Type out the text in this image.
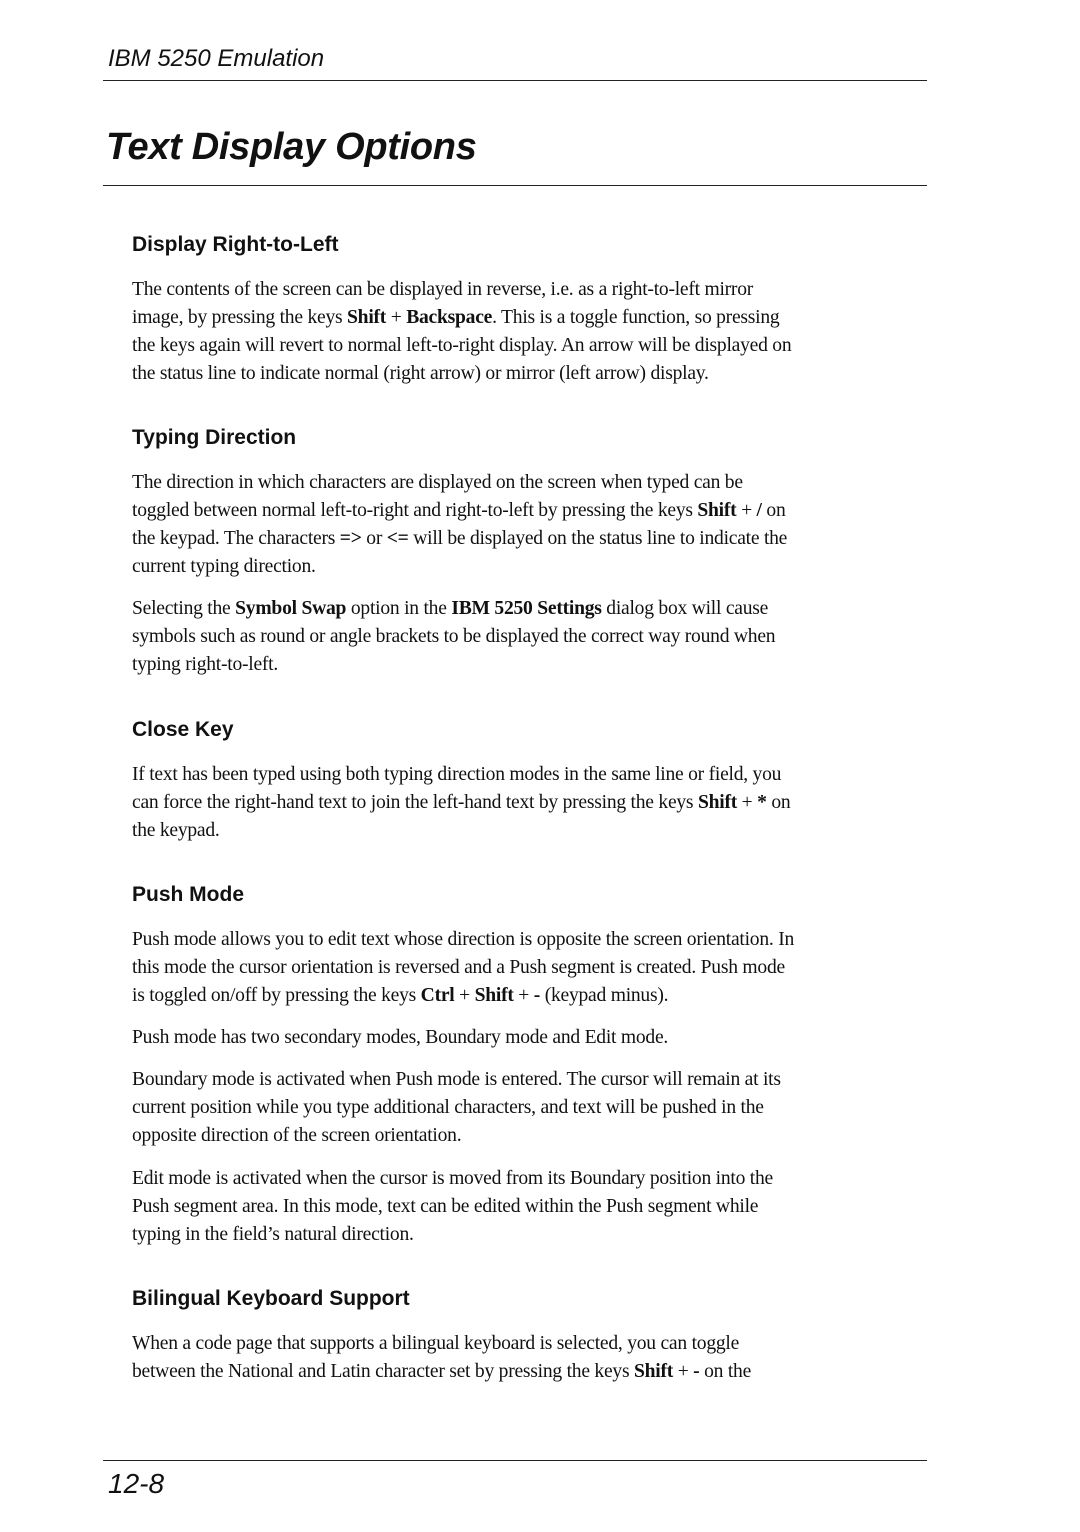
IBM 5250 Emulation
Text Display Options
Display Right-to-Left
The contents of the screen can be displayed in reverse, i.e. as a right-to-left mirror
image, by pressing the keys Shift + Backspace. This is a toggle function, so pressing
the keys again will revert to normal left-to-right display. An arrow will be displayed on
the status line to indicate normal (right arrow) or mirror (left arrow) display.
Typing Direction
The direction in which characters are displayed on the screen when typed can be
toggled between normal left-to-right and right-to-left by pressing the keys Shift + / on
the keypad. The characters => or <= will be displayed on the status line to indicate the
current typing direction.
Selecting the Symbol Swap option in the IBM 5250 Settings dialog box will cause
symbols such as round or angle brackets to be displayed the correct way round when
typing right-to-left.
Close Key
If text has been typed using both typing direction modes in the same line or field, you
can force the right-hand text to join the left-hand text by pressing the keys Shift + * on
the keypad.
Push Mode
Push mode allows you to edit text whose direction is opposite the screen orientation. In
this mode the cursor orientation is reversed and a Push segment is created. Push mode
is toggled on/off by pressing the keys Ctrl + Shift + - (keypad minus).
Push mode has two secondary modes, Boundary mode and Edit mode.
Boundary mode is activated when Push mode is entered. The cursor will remain at its
current position while you type additional characters, and text will be pushed in the
opposite direction of the screen orientation.
Edit mode is activated when the cursor is moved from its Boundary position into the
Push segment area. In this mode, text can be edited within the Push segment while
typing in the field’s natural direction.
Bilingual Keyboard Support
When a code page that supports a bilingual keyboard is selected, you can toggle
between the National and Latin character set by pressing the keys Shift + - on the
12-8
